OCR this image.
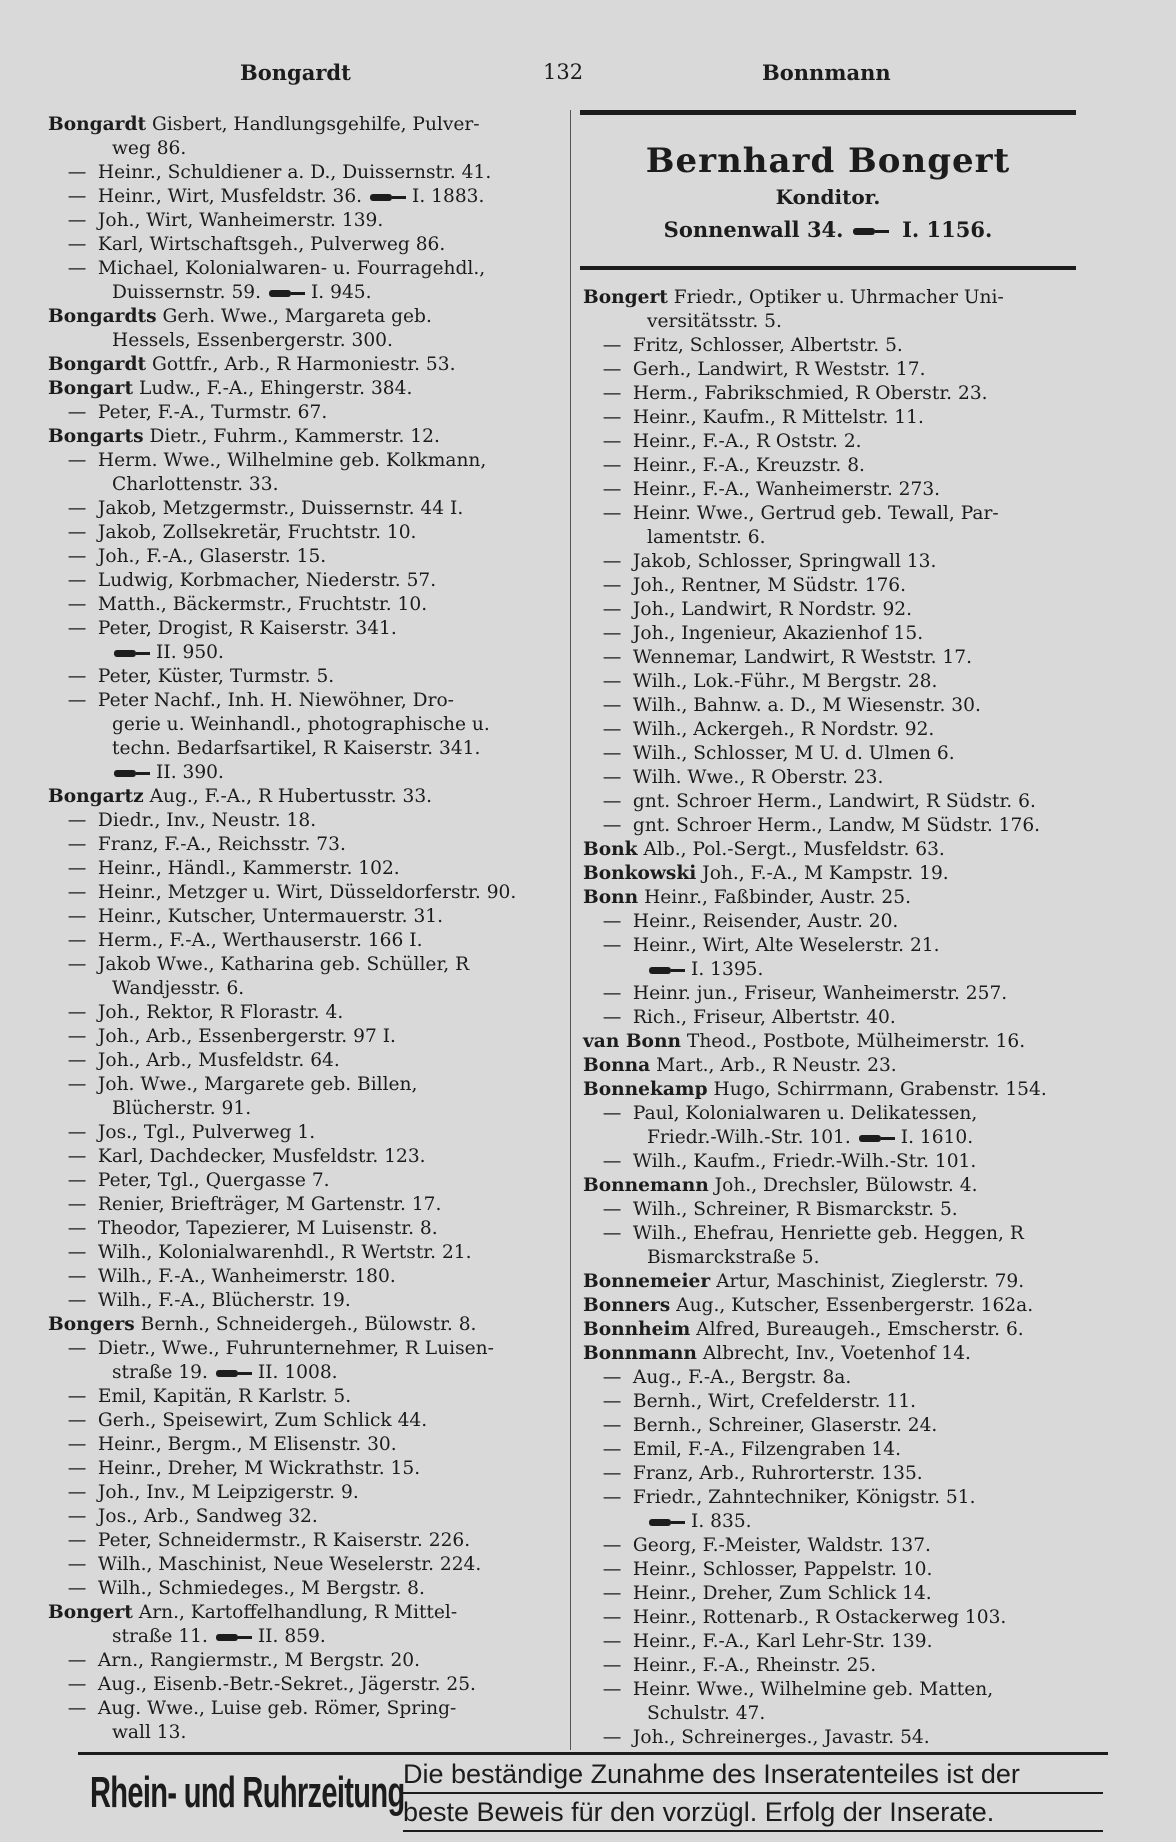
Bongardt	132	Bonnmann
Bongardt Gisbert, Handlungsgehilfe, Pulver-
weg 86.
— Heinr., Schuldiener a. D., Duissernstr. 41.
— Heinr., Wirt, Musfeldstr. 36.	I. 1883.
— Joh., Wirt, Wanheimerstr. 139.
— Karl, Wirtschaftsgeh., Pulverweg 86.
— Michael, Kolonialwaren- u. Fourragehdl.,
Duissernstr. 59.	I. 945.
Bongardts Gerh. Wwe., Margareta geb.
Hessels, Essenbergerstr. 300.
Bongardt Gottfr., Arb., R Harmoniestr. 53.
Bongart Ludw., F.-A., Ehingerstr. 384.
— Peter, F.-A., Turmstr. 67.
Bongarts Dietr., Fuhrm., Kammerstr. 12.
— Herm. Wwe., Wilhelmine geb. Kolkmann,
Charlottenstr. 33.
— Jakob, Metzgermstr., Duissernstr. 44 I.
— Jakob, Zollsekretär, Fruchtstr. 10.
— Joh., F.-A., Glaserstr. 15.
— Ludwig, Korbmacher, Niederstr. 57.
— Matth., Bäckermstr., Fruchtstr. 10.
— Peter, Drogist, R Kaiserstr. 341.
II. 950.
— Peter, Küster, Turmstr. 5.
— Peter Nachf., Inh. H. Niewöhner, Dro-
gerie u. Weinhandl., photographische u.
techn. Bedarfsartikel, R Kaiserstr. 341.
II. 390.
Bongartz Aug., F.-A., R Hubertusstr. 33.
— Diedr., Inv., Neustr. 18.
— Franz, F.-A., Reichsstr. 73.
— Heinr., Händl., Kammerstr. 102.
— Heinr., Metzger u. Wirt, Düsseldorferstr. 90.
— Heinr., Kutscher, Untermauerstr. 31.
— Herm., F.-A., Werthauserstr. 166 I.
— Jakob Wwe., Katharina geb. Schüller, R
Wandjesstr. 6.
— Joh., Rektor, R Florastr. 4.
— Joh., Arb., Essenbergerstr. 97 I.
— Joh., Arb., Musfeldstr. 64.
— Joh. Wwe., Margarete geb. Billen,
Blücherstr. 91.
— Jos., Tgl., Pulverweg 1.
— Karl, Dachdecker, Musfeldstr. 123.
— Peter, Tgl., Quergasse 7.
— Renier, Briefträger, M Gartenstr. 17.
— Theodor, Tapezierer, M Luisenstr. 8.
— Wilh., Kolonialwarenhdl., R Wertstr. 21.
— Wilh., F.-A., Wanheimerstr. 180.
— Wilh., F.-A., Blücherstr. 19.
Bongers Bernh., Schneidergeh., Bülowstr. 8.
— Dietr., Wwe., Fuhrunternehmer, R Luisen-
straße 19.	II. 1008.
— Emil, Kapitän, R Karlstr. 5.
— Gerh., Speisewirt, Zum Schlick 44.
— Heinr., Bergm., M Elisenstr. 30.
— Heinr., Dreher, M Wickrathstr. 15.
— Joh., Inv., M Leipzigerstr. 9.
— Jos., Arb., Sandweg 32.
— Peter, Schneidermstr., R Kaiserstr. 226.
— Wilh., Maschinist, Neue Weselerstr. 224.
— Wilh., Schmiedeges., M Bergstr. 8.
Bongert Arn., Kartoffelhandlung, R Mittel-
straße 11.	II. 859.
— Arn., Rangiermstr., M Bergstr. 20.
— Aug., Eisenb.-Betr.-Sekret., Jägerstr. 25.
— Aug. Wwe., Luise geb. Römer, Spring-
wall 13.
Bernhard Bongert
Konditor.
Sonnenwall 34.	I. 1156.
Bongert Friedr., Optiker u. Uhrmacher Uni-
versitätsstr. 5.
— Fritz, Schlosser, Albertstr. 5.
— Gerh., Landwirt, R Weststr. 17.
— Herm., Fabrikschmied, R Oberstr. 23.
— Heinr., Kaufm., R Mittelstr. 11.
— Heinr., F.-A., R Oststr. 2.
— Heinr., F.-A., Kreuzstr. 8.
— Heinr., F.-A., Wanheimerstr. 273.
— Heinr. Wwe., Gertrud geb. Tewall, Par-
lamentstr. 6.
— Jakob, Schlosser, Springwall 13.
— Joh., Rentner, M Südstr. 176.
— Joh., Landwirt, R Nordstr. 92.
— Joh., Ingenieur, Akazienhof 15.
— Wennemar, Landwirt, R Weststr. 17.
— Wilh., Lok.-Führ., M Bergstr. 28.
— Wilh., Bahnw. a. D., M Wiesenstr. 30.
— Wilh., Ackergeh., R Nordstr. 92.
— Wilh., Schlosser, M U. d. Ulmen 6.
— Wilh. Wwe., R Oberstr. 23.
— gnt. Schroer Herm., Landwirt, R Südstr. 6.
— gnt. Schroer Herm., Landw, M Südstr. 176.
Bonk Alb., Pol.-Sergt., Musfeldstr. 63.
Bonkowski Joh., F.-A., M Kampstr. 19.
Bonn Heinr., Faßbinder, Austr. 25.
— Heinr., Reisender, Austr. 20.
— Heinr., Wirt, Alte Weselerstr. 21.
I. 1395.
— Heinr. jun., Friseur, Wanheimerstr. 257.
— Rich., Friseur, Albertstr. 40.
van Bonn Theod., Postbote, Mülheimerstr. 16.
Bonna Mart., Arb., R Neustr. 23.
Bonnekamp Hugo, Schirrmann, Grabenstr. 154.
— Paul, Kolonialwaren u. Delikatessen,
Friedr.-Wilh.-Str. 101.	I. 1610.
— Wilh., Kaufm., Friedr.-Wilh.-Str. 101.
Bonnemann Joh., Drechsler, Bülowstr. 4.
— Wilh., Schreiner, R Bismarckstr. 5.
— Wilh., Ehefrau, Henriette geb. Heggen, R
Bismarckstraße 5.
Bonnemeier Artur, Maschinist, Zieglerstr. 79.
Bonners Aug., Kutscher, Essenbergerstr. 162a.
Bonnheim Alfred, Bureaugeh., Emscherstr. 6.
Bonnmann Albrecht, Inv., Voetenhof 14.
— Aug., F.-A., Bergstr. 8a.
— Bernh., Wirt, Crefelderstr. 11.
— Bernh., Schreiner, Glaserstr. 24.
— Emil, F.-A., Filzengraben 14.
— Franz, Arb., Ruhrorterstr. 135.
— Friedr., Zahntechniker, Königstr. 51.
I. 835.
— Georg, F.-Meister, Waldstr. 137.
— Heinr., Schlosser, Pappelstr. 10.
— Heinr., Dreher, Zum Schlick 14.
— Heinr., Rottenarb., R Ostackerweg 103.
— Heinr., F.-A., Karl Lehr-Str. 139.
— Heinr., F.-A., Rheinstr. 25.
— Heinr. Wwe., Wilhelmine geb. Matten,
Schulstr. 47.
— Joh., Schreinerges., Javastr. 54.
Rhein- und Ruhrzeitung
Die beständige Zunahme des Inseratenteiles ist der
beste Beweis für den vorzügl. Erfolg der Inserate.
